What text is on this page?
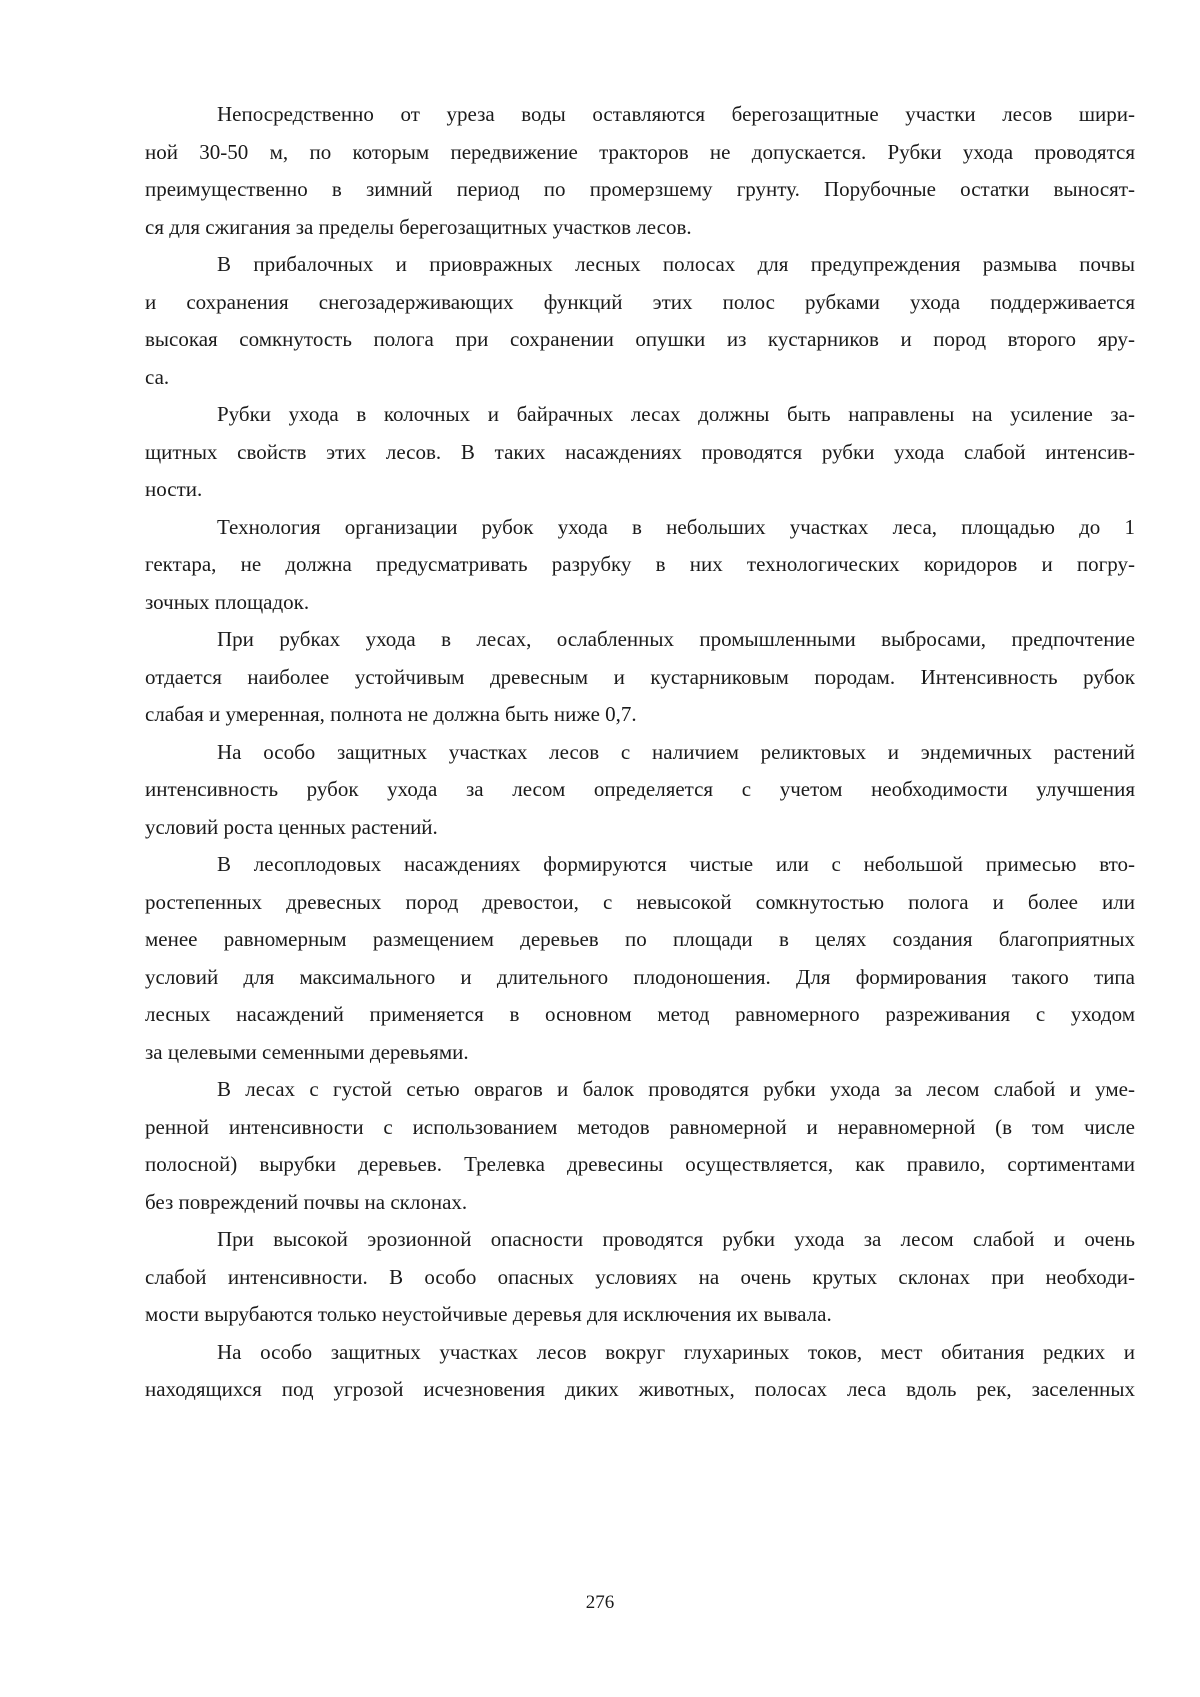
Непосредственно от уреза воды оставляются берегозащитные участки лесов шири-
ной 30-50 м, по которым передвижение тракторов не допускается. Рубки ухода проводятся
преимущественно в зимний период по промерзшему грунту. Порубочные остатки выносят-
ся для сжигания за пределы берегозащитных участков лесов.
В прибалочных и приовражных лесных полосах для предупреждения размыва почвы
и сохранения снегозадерживающих функций этих полос рубками ухода поддерживается
высокая сомкнутость полога при сохранении опушки из кустарников и пород второго яру-
са.
Рубки ухода в колочных и байрачных лесах должны быть направлены на усиление за-
щитных свойств этих лесов. В таких насаждениях проводятся рубки ухода слабой интенсив-
ности.
Технология организации рубок ухода в небольших участках леса, площадью до 1
гектара, не должна предусматривать разрубку в них технологических коридоров и погру-
зочных площадок.
При рубках ухода в лесах, ослабленных промышленными выбросами, предпочтение
отдается наиболее устойчивым древесным и кустарниковым породам. Интенсивность рубок
слабая и умеренная, полнота не должна быть ниже 0,7.
На особо защитных участках лесов с наличием реликтовых и эндемичных растений
интенсивность рубок ухода за лесом определяется с учетом необходимости улучшения
условий роста ценных растений.
В лесоплодовых насаждениях формируются чистые или с небольшой примесью вто-
ростепенных древесных пород древостои, с невысокой сомкнутостью полога и более или
менее равномерным размещением деревьев по площади в целях создания благоприятных
условий для максимального и длительного плодоношения. Для формирования такого типа
лесных насаждений применяется в основном метод равномерного разреживания с уходом
за целевыми семенными деревьями.
В лесах с густой сетью оврагов и балок проводятся рубки ухода за лесом слабой и уме-
ренной интенсивности с использованием методов равномерной и неравномерной (в том числе
полосной) вырубки деревьев. Трелевка древесины осуществляется, как правило, сортиментами
без повреждений почвы на склонах.
При высокой эрозионной опасности проводятся рубки ухода за лесом слабой и очень
слабой интенсивности. В особо опасных условиях на очень крутых склонах при необходи-
мости вырубаются только неустойчивые деревья для исключения их вывала.
На особо защитных участках лесов вокруг глухариных токов, мест обитания редких и
находящихся под угрозой исчезновения диких животных, полосах леса вдоль рек, заселенных
276
